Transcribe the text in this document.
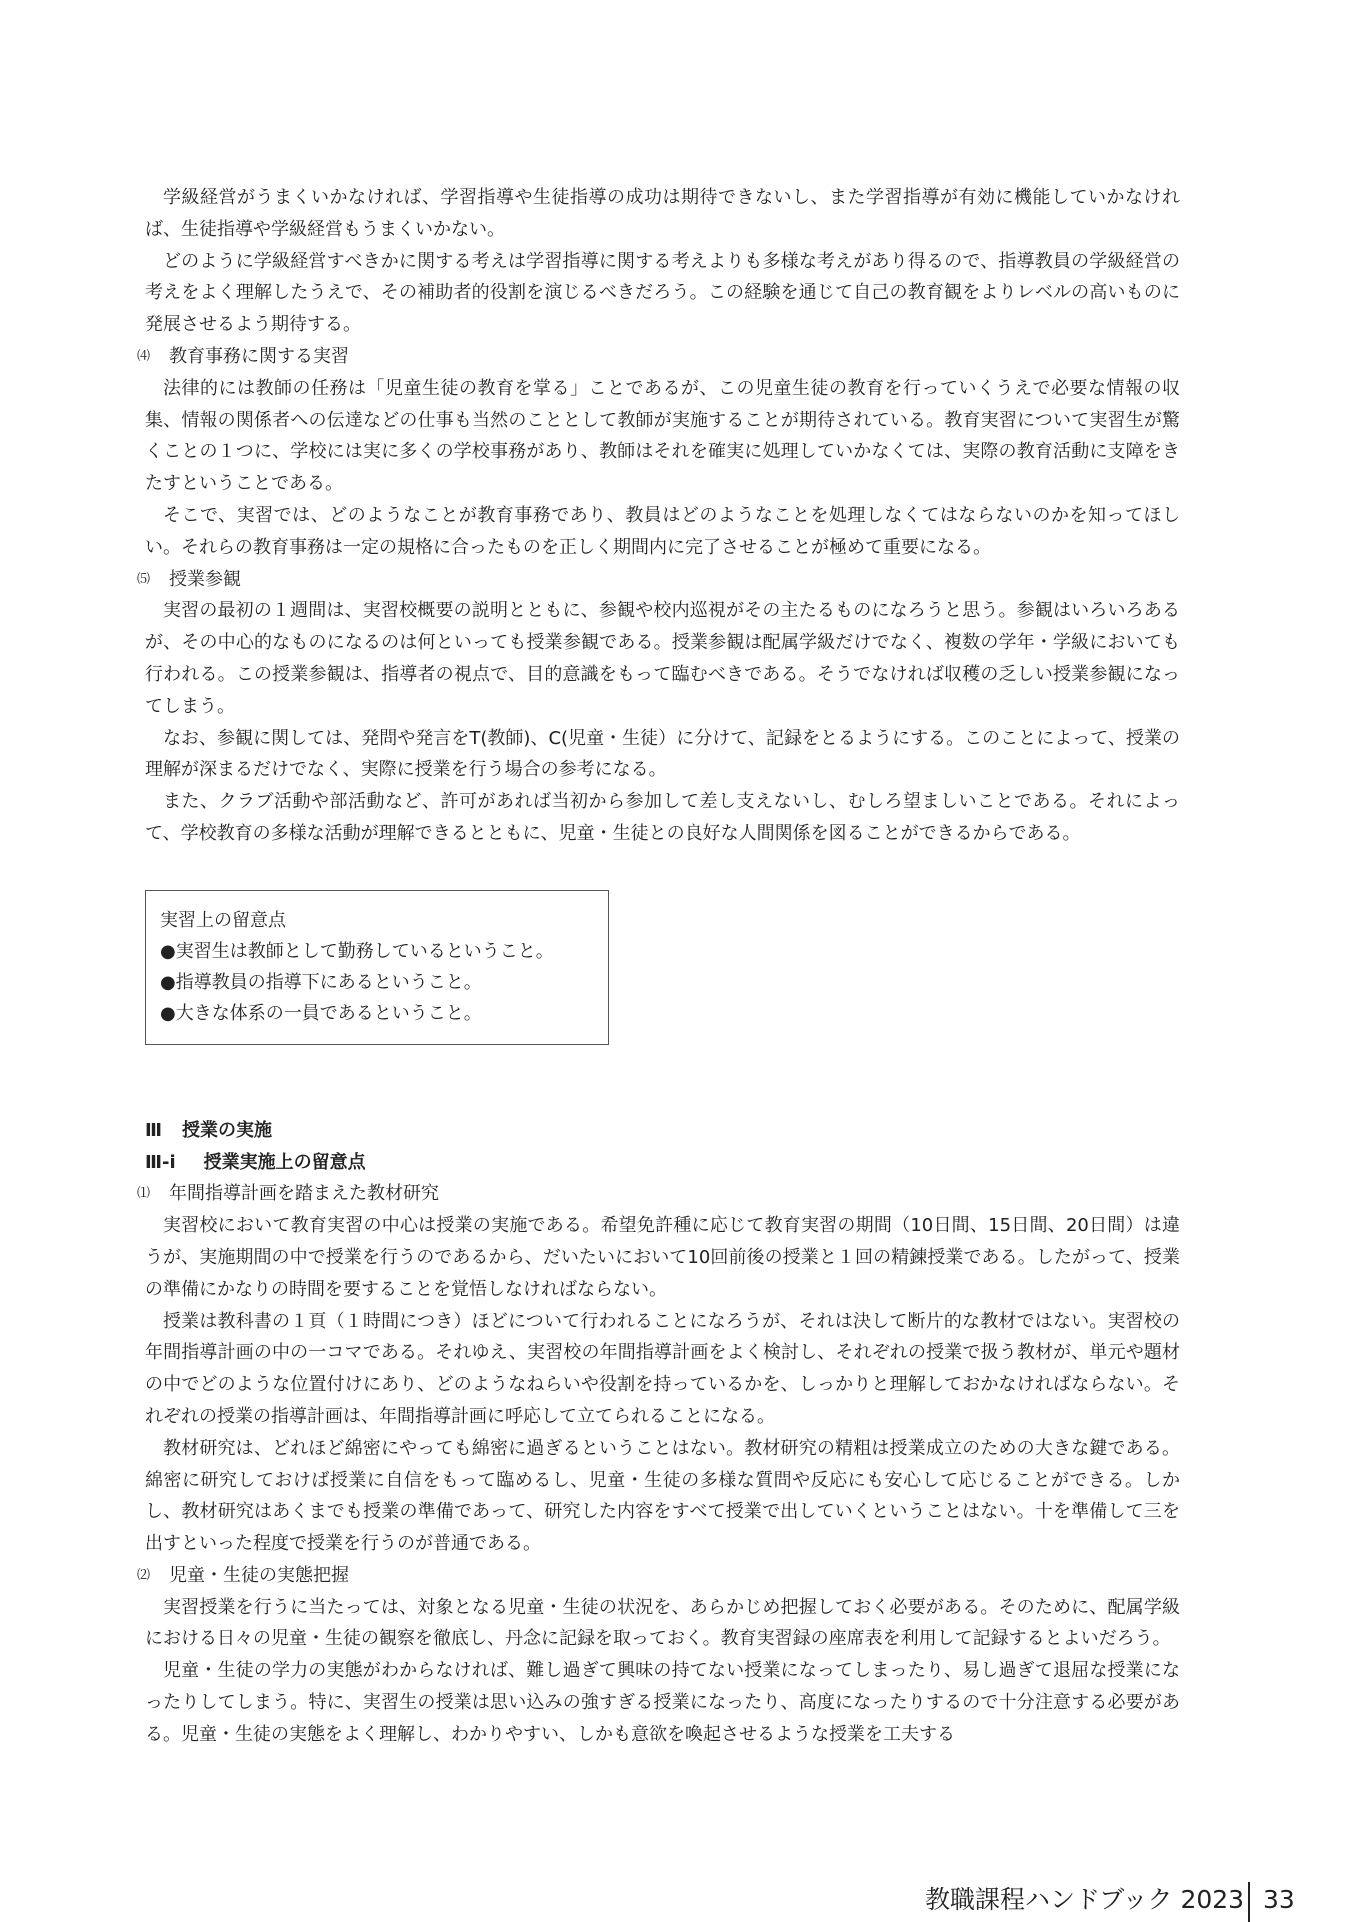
学級経営がうまくいかなければ、学習指導や生徒指導の成功は期待できないし、また学習指導が有効に機能していかなければ、生徒指導や学級経営もうまくいかない。

どのように学級経営すべきかに関する考えは学習指導に関する考えよりも多様な考えがあり得るので、指導教員の学級経営の考えをよく理解したうえで、その補助者的役割を演じるべきだろう。この経験を通じて自己の教育観をよりレベルの高いものに発展させるよう期待する。

⑷	教育事務に関する実習

法律的には教師の任務は「児童生徒の教育を掌る」ことであるが、この児童生徒の教育を行っていくうえで必要な情報の収集、情報の関係者への伝達などの仕事も当然のこととして教師が実施することが期待されている。教育実習について実習生が驚くことの１つに、学校には実に多くの学校事務があり、教師はそれを確実に処理していかなくては、実際の教育活動に支障をきたすということである。

そこで、実習では、どのようなことが教育事務であり、教員はどのようなことを処理しなくてはならないのかを知ってほしい。それらの教育事務は一定の規格に合ったものを正しく期間内に完了させることが極めて重要になる。

⑸	授業参観

実習の最初の１週間は、実習校概要の説明とともに、参観や校内巡視がその主たるものになろうと思う。参観はいろいろあるが、その中心的なものになるのは何といっても授業参観である。授業参観は配属学級だけでなく、複数の学年・学級においても行われる。この授業参観は、指導者の視点で、目的意識をもって臨むべきである。そうでなければ収穫の乏しい授業参観になってしまう。

なお、参観に関しては、発問や発言をT(教師)、C(児童・生徒）に分けて、記録をとるようにする。このことによって、授業の理解が深まるだけでなく、実際に授業を行う場合の参考になる。

また、クラブ活動や部活動など、許可があれば当初から参加して差し支えないし、むしろ望ましいことである。それによって、学校教育の多様な活動が理解できるとともに、児童・生徒との良好な人間関係を図ることができるからである。

実習上の留意点
●実習生は教師として勤務しているということ。
●指導教員の指導下にあるということ。
●大きな体系の一員であるということ。
Ⅲ 授業の実施
Ⅲ-ⅰ 授業実施上の留意点
⑴	年間指導計画を踏まえた教材研究

実習校において教育実習の中心は授業の実施である。希望免許種に応じて教育実習の期間（10日間、15日間、20日間）は違うが、実施期間の中で授業を行うのであるから、だいたいにおいて10回前後の授業と１回の精錬授業である。したがって、授業の準備にかなりの時間を要することを覚悟しなければならない。

授業は教科書の１頁（１時間につき）ほどについて行われることになろうが、それは決して断片的な教材ではない。実習校の年間指導計画の中の一コマである。それゆえ、実習校の年間指導計画をよく検討し、それぞれの授業で扱う教材が、単元や題材の中でどのような位置付けにあり、どのようなねらいや役割を持っているかを、しっかりと理解しておかなければならない。それぞれの授業の指導計画は、年間指導計画に呼応して立てられることになる。

教材研究は、どれほど綿密にやっても綿密に過ぎるということはない。教材研究の精粗は授業成立のための大きな鍵である。綿密に研究しておけば授業に自信をもって臨めるし、児童・生徒の多様な質問や反応にも安心して応じることができる。しかし、教材研究はあくまでも授業の準備であって、研究した内容をすべて授業で出していくということはない。十を準備して三を出すといった程度で授業を行うのが普通である。

⑵	児童・生徒の実態把握

実習授業を行うに当たっては、対象となる児童・生徒の状況を、あらかじめ把握しておく必要がある。そのために、配属学級における日々の児童・生徒の観察を徹底し、丹念に記録を取っておく。教育実習録の座席表を利用して記録するとよいだろう。

児童・生徒の学力の実態がわからなければ、難し過ぎて興味の持てない授業になってしまったり、易し過ぎて退屈な授業になったりしてしまう。特に、実習生の授業は思い込みの強すぎる授業になったり、高度になったりするので十分注意する必要がある。児童・生徒の実態をよく理解し、わかりやすい、しかも意欲を喚起させるような授業を工夫する

教職課程ハンドブック 2023 33
